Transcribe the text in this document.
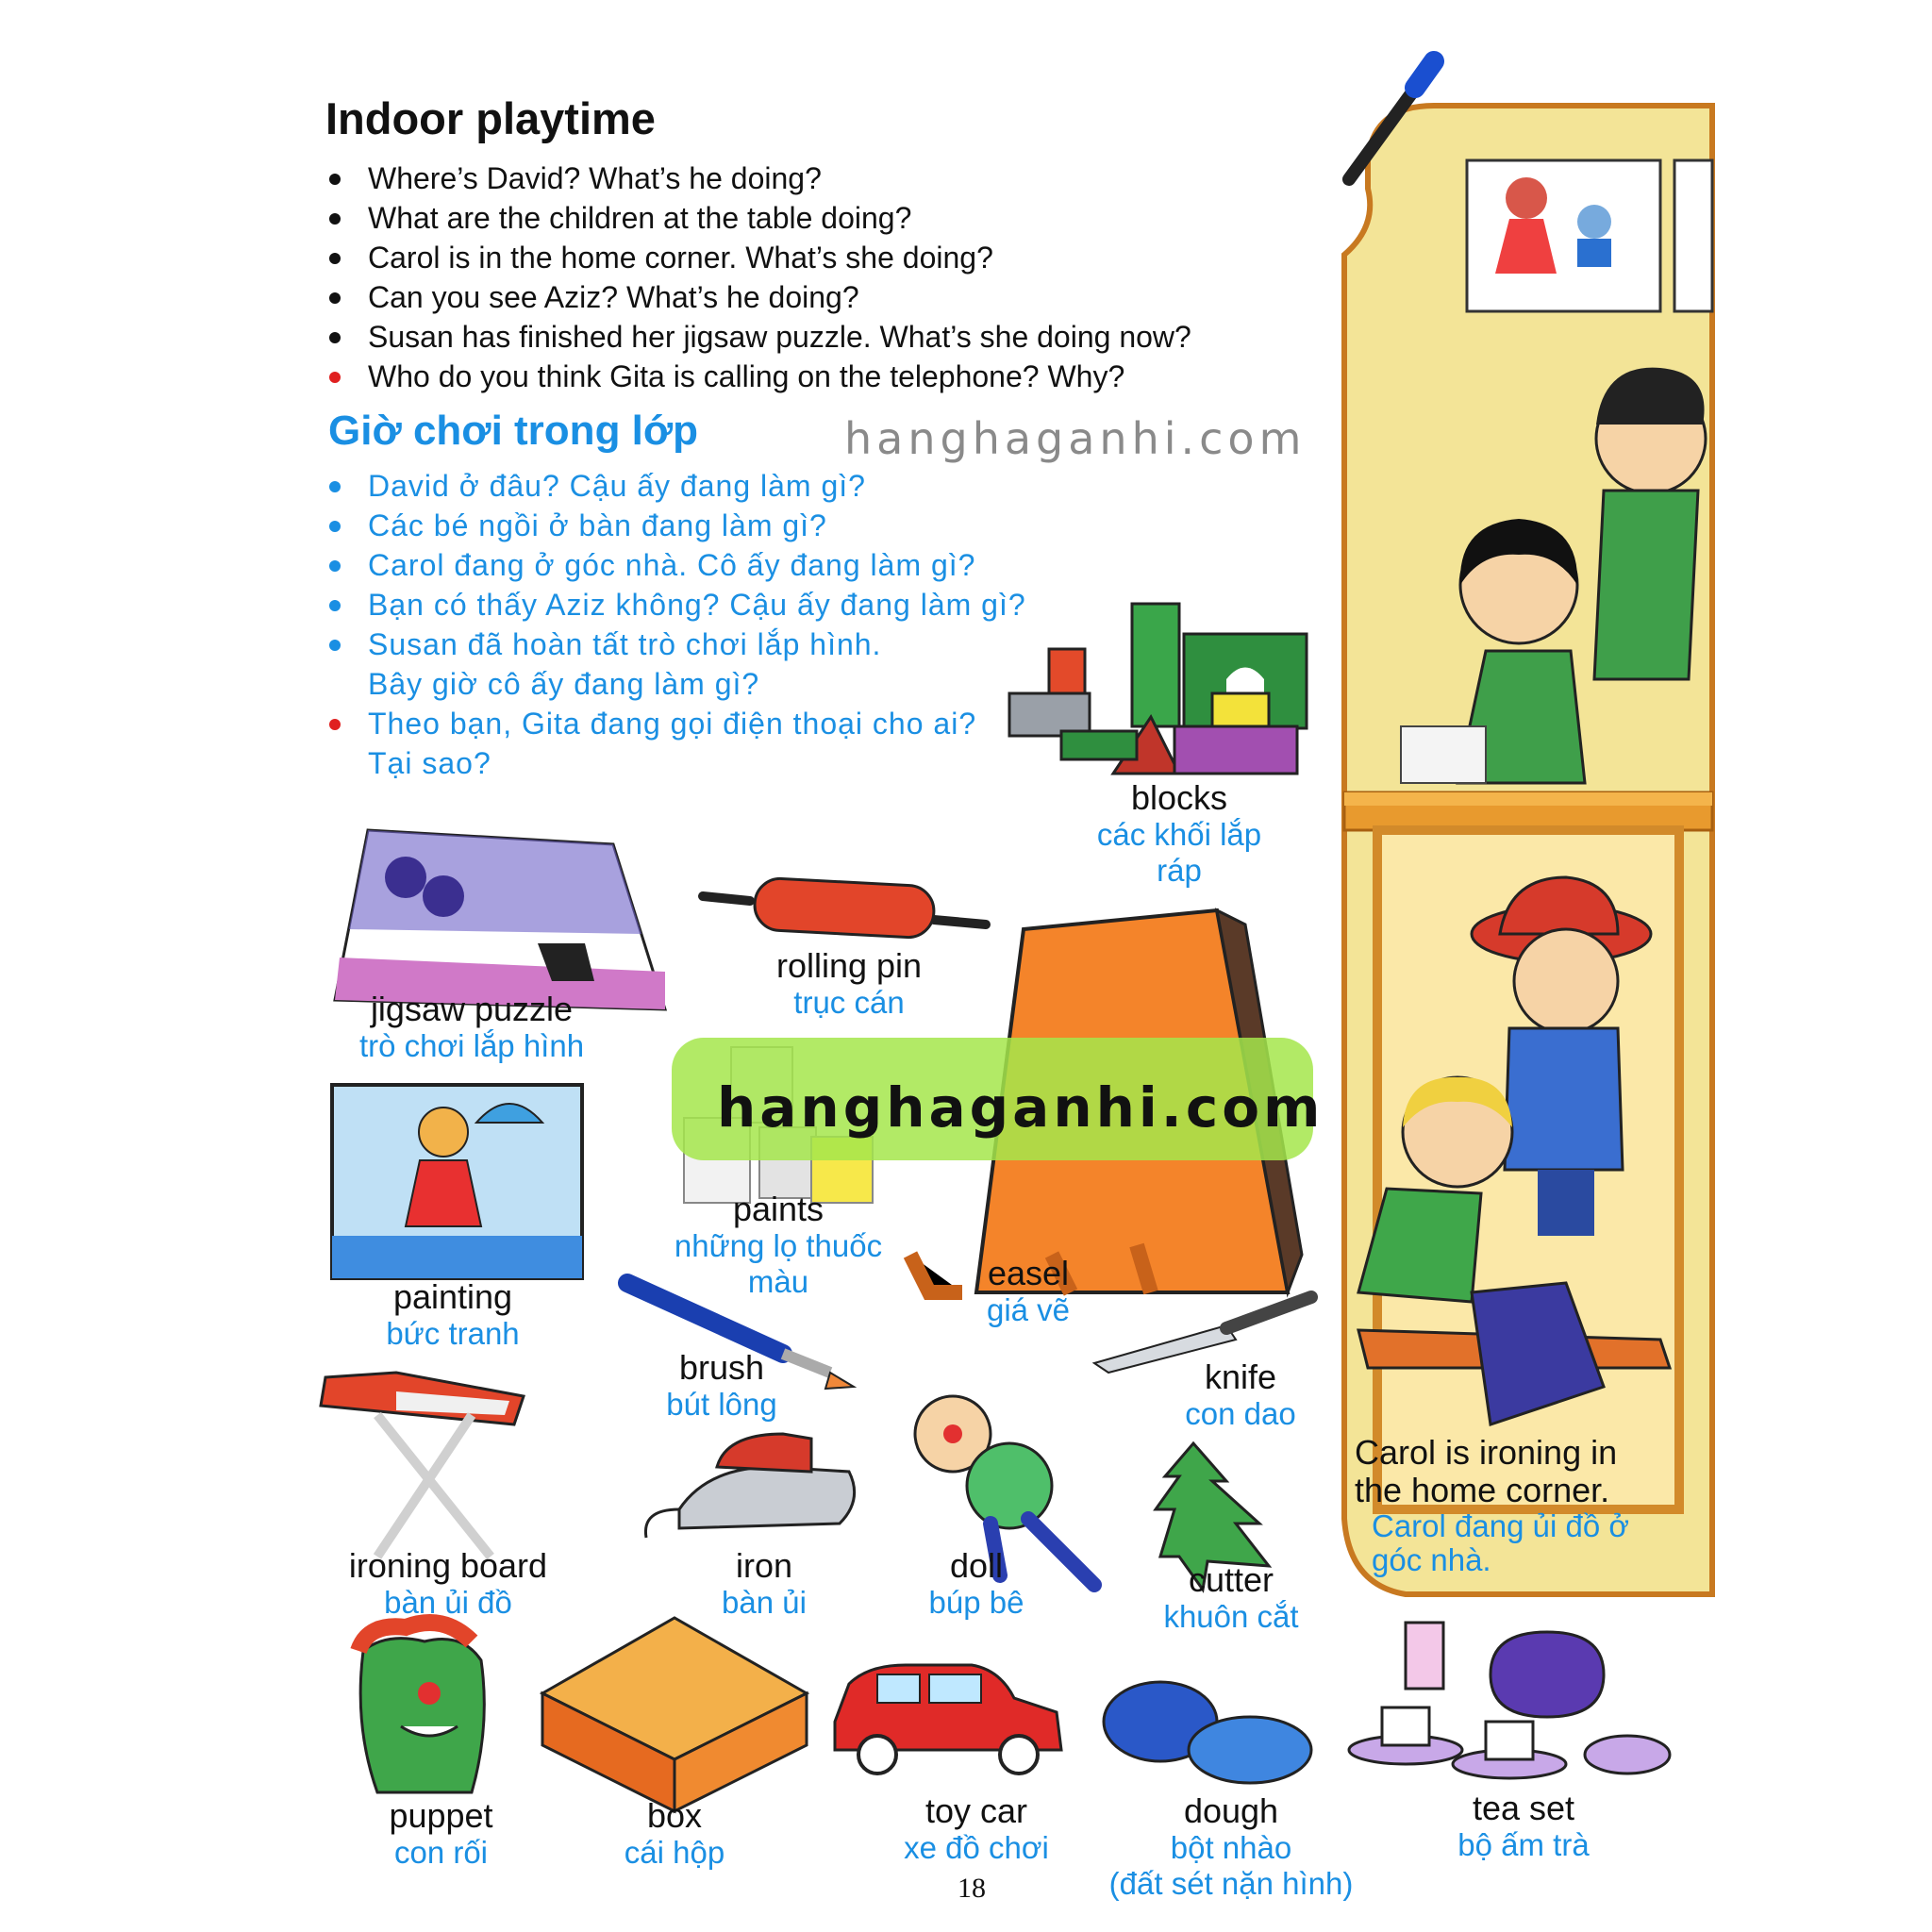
Indoor playtime
Where’s David? What’s he doing?
What are the children at the table doing?
Carol is in the home corner. What’s she doing?
Can you see Aziz? What’s he doing?
Susan has finished her jigsaw puzzle. What’s she doing now?
Who do you think Gita is calling on the telephone? Why?
Giờ chơi trong lớp	hanghaganhi.com
David ở đâu? Cậu ấy đang làm gì?
Các bé ngồi ở bàn đang làm gì?
Carol đang ở góc nhà. Cô ấy đang làm gì?
Bạn có thấy Aziz không? Cậu ấy đang làm gì?
Susan đã hoàn tất trò chơi lắp hình.
Bây giờ cô ấy đang làm gì?
Theo bạn, Gita đang gọi điện thoại cho ai?
Tại sao?
blocks
các khối lắp
ráp
jigsaw puzzle
trò chơi lắp hình
rolling pin
trục cán
easel
giá vẽ
painting
bức tranh
paints
những lọ thuốc
màu
brush
bút lông
knife
con dao
ironing board
bàn ủi đồ
iron
bàn ủi
doll
búp bê
cutter
khuôn cắt
puppet
con rối
box
cái hộp
toy car
xe đồ chơi
dough
bột nhào
(đất sét nặn hình)
tea set
bộ ấm trà
Carol is ironing in
the home corner.
Carol đang ủi đồ ở
góc nhà.
hanghaganhi.com
18
